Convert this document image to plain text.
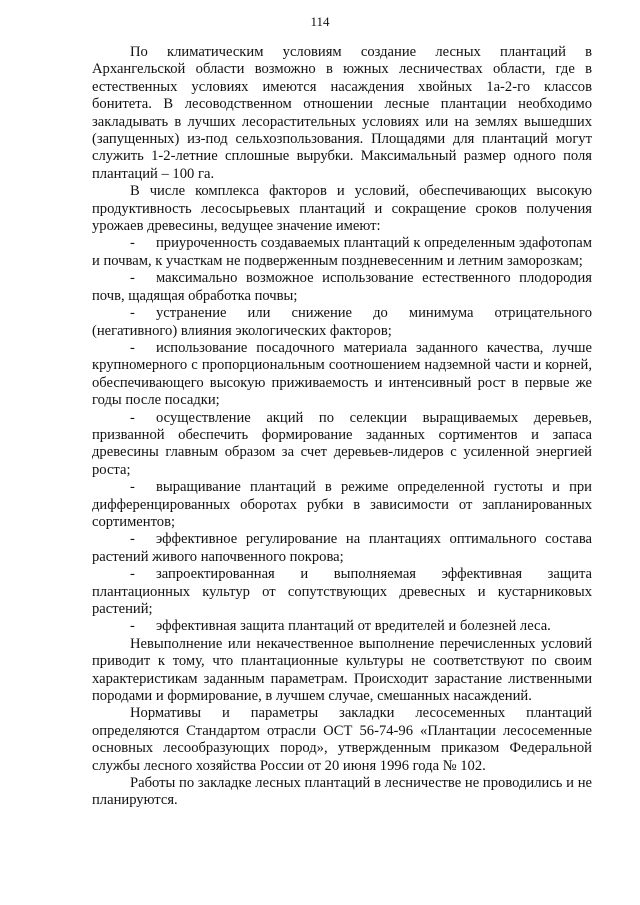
114

По климатическим условиям создание лесных плантаций в Архангельской области возможно в южных лесничествах области, где в естественных условиях имеются насаждения хвойных 1а-2-го классов бонитета. В лесоводственном отношении лесные плантации необходимо закладывать в лучших лесорастительных условиях или на землях вышедших (запущенных) из-под сельхозпользования. Площадями для плантаций могут служить 1-2-летние сплошные вырубки. Максимальный размер одного поля плантаций – 100 га.

В числе комплекса факторов и условий, обеспечивающих высокую продуктивность лесосырьевых плантаций и сокращение сроков получения урожаев древесины, ведущее значение имеют:

- приуроченность создаваемых плантаций к определенным эдафотопам и почвам, к участкам не подверженным поздневесенним и летним заморозкам;

- максимально возможное использование естественного плодородия почв, щадящая обработка почвы;

- устранение или снижение до минимума отрицательного (негативного) влияния экологических факторов;

- использование посадочного материала заданного качества, лучше крупномерного с пропорциональным соотношением надземной части и корней, обеспечивающего высокую приживаемость и интенсивный рост в первые же годы после посадки;

- осуществление акций по селекции выращиваемых деревьев, призванной обеспечить формирование заданных сортиментов и запаса древесины главным образом за счет деревьев-лидеров с усиленной энергией роста;

- выращивание плантаций в режиме определенной густоты и при дифференцированных оборотах рубки в зависимости от запланированных сортиментов;

- эффективное регулирование на плантациях оптимального состава растений живого напочвенного покрова;

- запроектированная и выполняемая эффективная защита плантационных культур от сопутствующих древесных и кустарниковых растений;

- эффективная защита плантаций от вредителей и болезней леса.

Невыполнение или некачественное выполнение перечисленных условий приводит к тому, что плантационные культуры не соответствуют по своим характеристикам заданным параметрам. Происходит зарастание лиственными породами и формирование, в лучшем случае, смешанных насаждений.

Нормативы и параметры закладки лесосеменных плантаций определяются Стандартом отрасли ОСТ 56-74-96 «Плантации лесосеменные основных лесообразующих пород», утвержденным приказом Федеральной службы лесного хозяйства России от 20 июня 1996 года № 102.

Работы по закладке лесных плантаций в лесничестве не проводились и не планируются.
